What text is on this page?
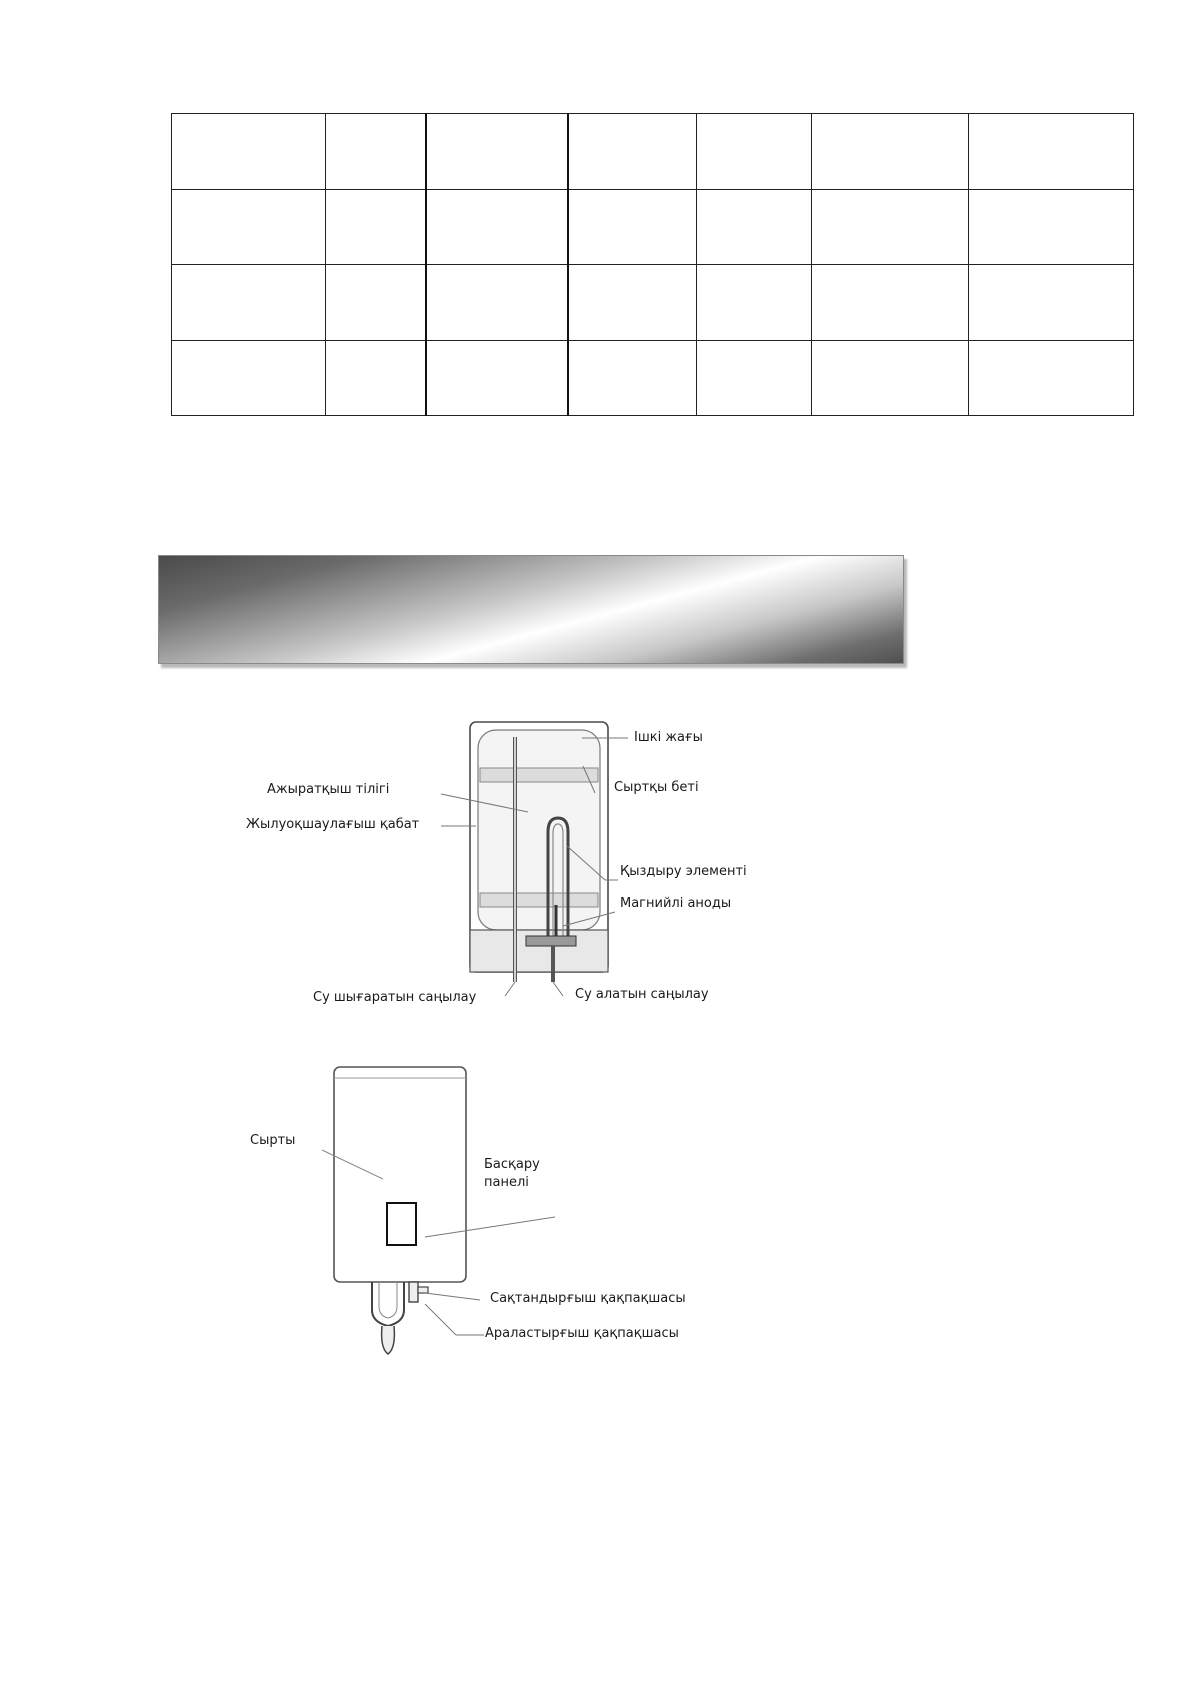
Ішкі жағы
Сыртқы беті
Ажыратқыш тілігі
Жылуоқшаулағыш қабат
Қыздыру элементі
Магнийлі аноды
Су шығаратын саңылау	Су алатын саңылау
Сырты
Басқару
панелі
Сақтандырғыш қақпақшасы
Араластырғыш қақпақшасы
